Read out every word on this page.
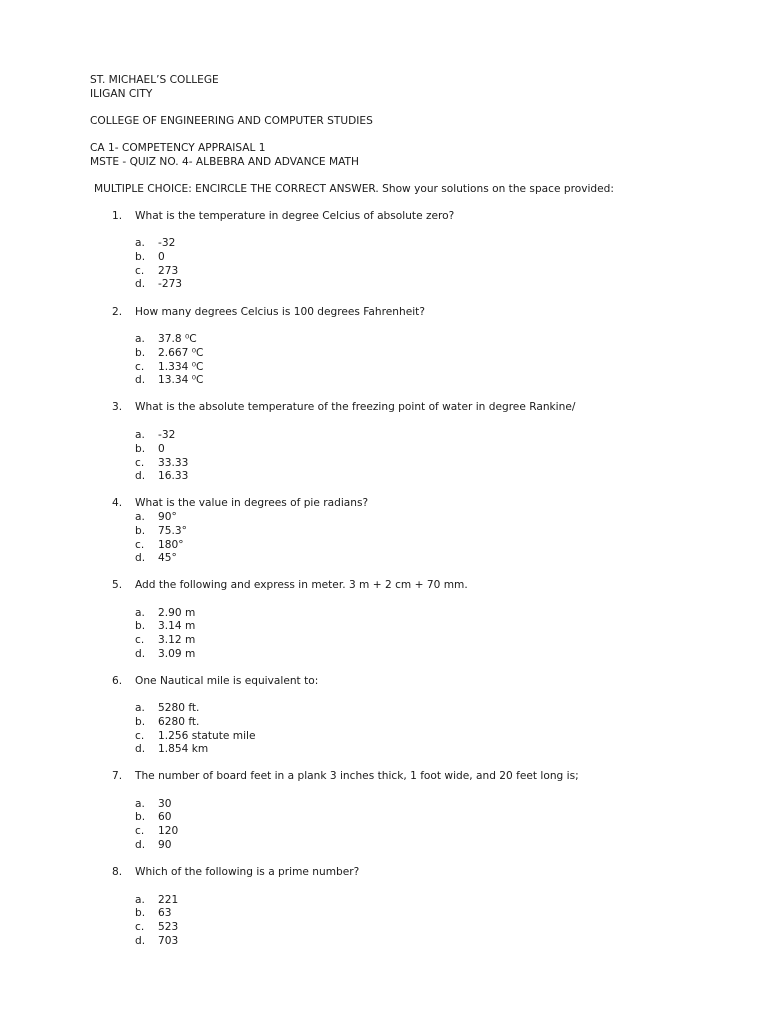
ST. MICHAEL’S COLLEGE

ILIGAN CITY

COLLEGE OF ENGINEERING AND COMPUTER STUDIES

CA 1- COMPETENCY APPRAISAL 1

MSTE - QUIZ NO. 4- ALBEBRA AND ADVANCE MATH

MULTIPLE CHOICE: ENCIRCLE THE CORRECT ANSWER. Show your solutions on the space provided:

1. What is the temperature in degree Celcius of absolute zero?
a. -32
b. 0
c. 273
d. -273
2. How many degrees Celcius is 100 degrees Fahrenheit?
a. 37.8 ⁰C
b. 2.667 ⁰C
c. 1.334 ⁰C
d. 13.34 ⁰C
3. What is the absolute temperature of the freezing point of water in degree Rankine/
a. -32
b. 0
c. 33.33
d. 16.33
4. What is the value in degrees of pie radians?
a. 90°
b. 75.3°
c. 180°
d. 45°
5. Add the following and express in meter. 3 m + 2 cm + 70 mm.
a. 2.90 m
b. 3.14 m
c. 3.12 m
d. 3.09 m
6. One Nautical mile is equivalent to:
a. 5280 ft.
b. 6280 ft.
c. 1.256 statute mile
d. 1.854 km
7. The number of board feet in a plank 3 inches thick, 1 foot wide, and 20 feet long is;
a. 30
b. 60
c. 120
d. 90
8. Which of the following is a prime number?
a. 221
b. 63
c. 523
d. 703
